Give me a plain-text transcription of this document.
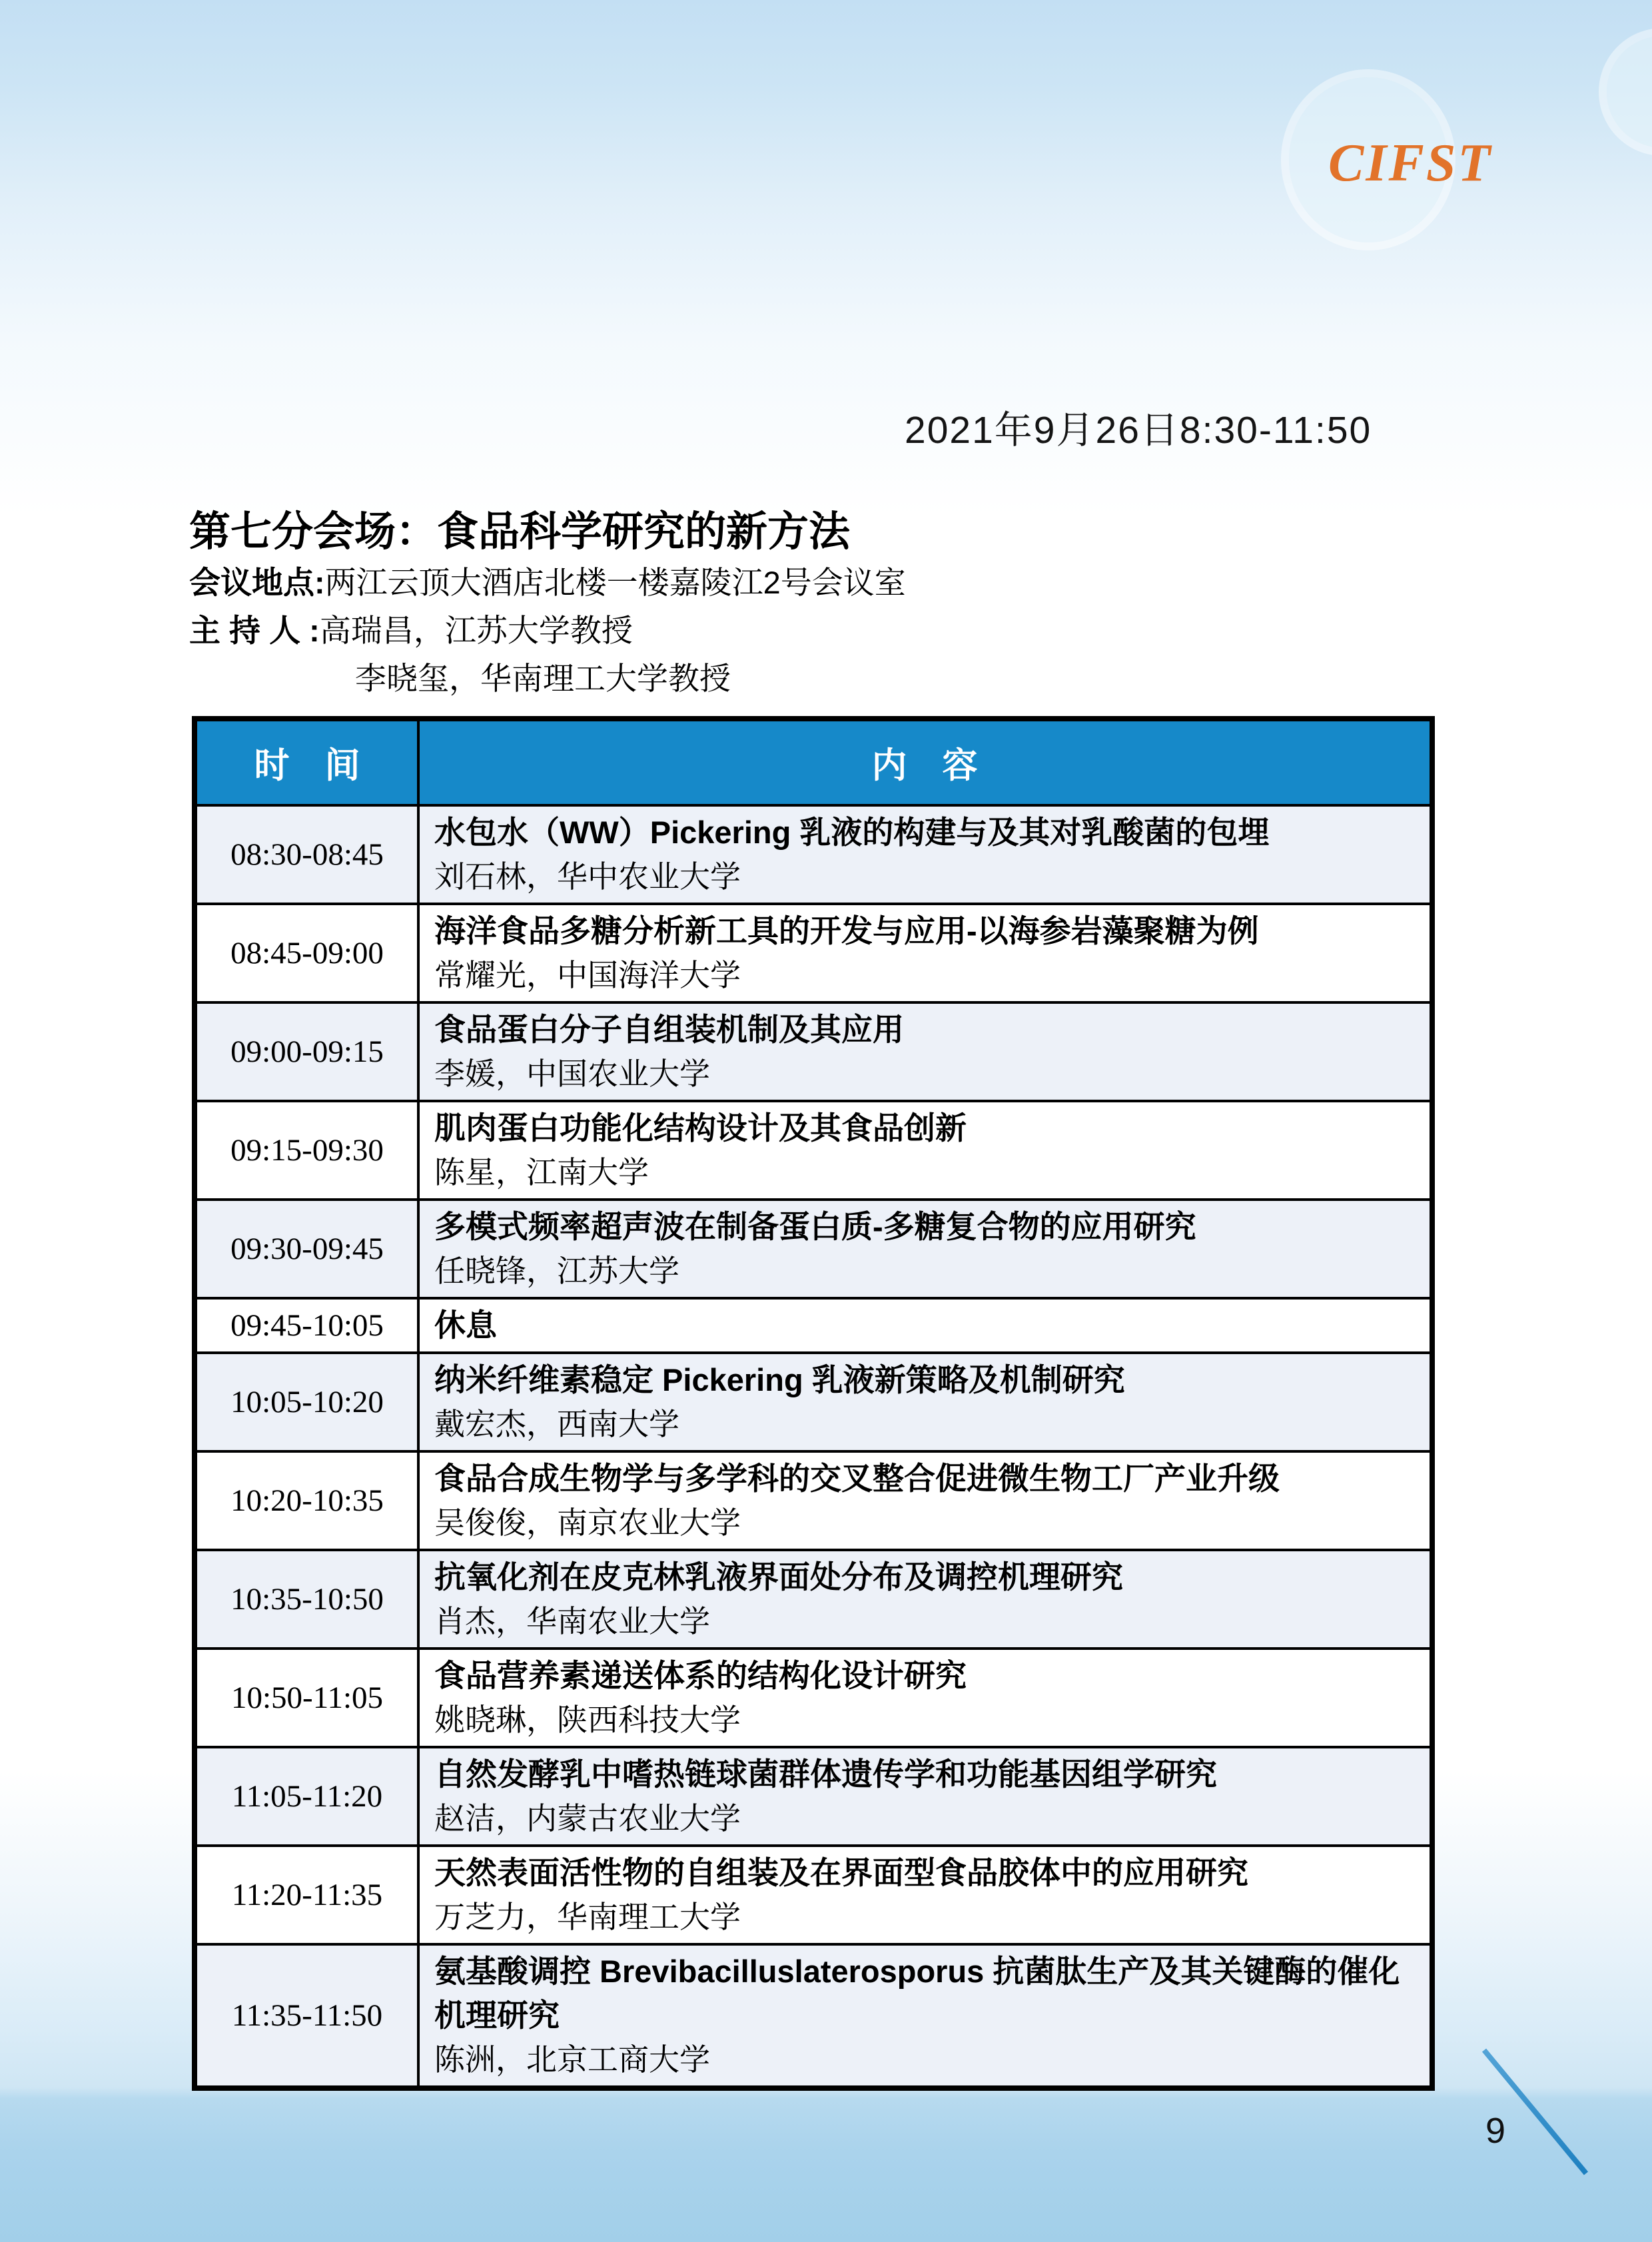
CIFST
2021年9月26日8:30-11:50
第七分会场：食品科学研究的新方法
会议地点:两江云顶大酒店北楼一楼嘉陵江2号会议室
主 持 人 :高瑞昌，江苏大学教授
李晓玺，华南理工大学教授
时　间	内　容
08:30-08:45	水包水（WW）Pickering 乳液的构建与及其对乳酸菌的包埋
刘石林，华中农业大学

08:45-09:00	海洋食品多糖分析新工具的开发与应用-以海参岩藻聚糖为例
常耀光，中国海洋大学

09:00-09:15	食品蛋白分子自组装机制及其应用
李媛，中国农业大学

09:15-09:30	肌肉蛋白功能化结构设计及其食品创新
陈星，江南大学

09:30-09:45	多模式频率超声波在制备蛋白质-多糖复合物的应用研究
任晓锋，江苏大学

09:45-10:05	休息

10:05-10:20	纳米纤维素稳定 Pickering 乳液新策略及机制研究
戴宏杰，西南大学

10:20-10:35	食品合成生物学与多学科的交叉整合促进微生物工厂产业升级
吴俊俊，南京农业大学

10:35-10:50	抗氧化剂在皮克林乳液界面处分布及调控机理研究
肖杰，华南农业大学

10:50-11:05	食品营养素递送体系的结构化设计研究
姚晓琳，陕西科技大学

11:05-11:20	自然发酵乳中嗜热链球菌群体遗传学和功能基因组学研究
赵洁，内蒙古农业大学

11:20-11:35	天然表面活性物的自组装及在界面型食品胶体中的应用研究
万芝力，华南理工大学

11:35-11:50	氨基酸调控 Brevibacilluslaterosporus 抗菌肽生产及其关键酶的催化机理研究
陈洲，北京工商大学
9
